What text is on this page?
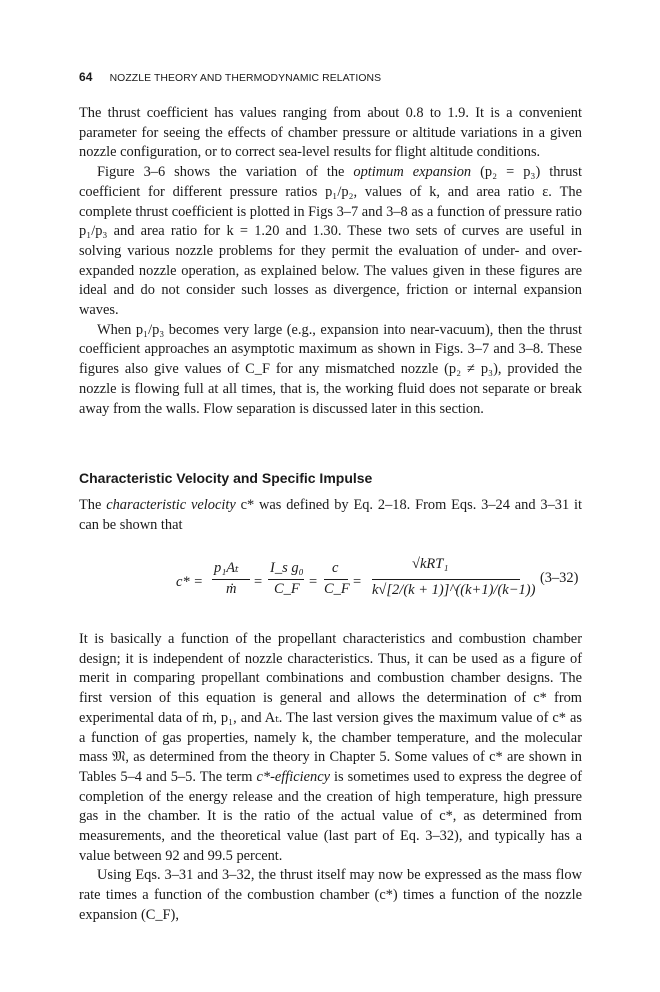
64 NOZZLE THEORY AND THERMODYNAMIC RELATIONS

The thrust coefficient has values ranging from about 0.8 to 1.9. It is a convenient parameter for seeing the effects of chamber pressure or altitude variations in a given nozzle configuration, or to correct sea-level results for flight altitude conditions.

Figure 3–6 shows the variation of the optimum expansion (p₂ = p₃) thrust coefficient for different pressure ratios p₁/p₂, values of k, and area ratio ε. The complete thrust coefficient is plotted in Figs 3–7 and 3–8 as a function of pressure ratio p₁/p₃ and area ratio for k = 1.20 and 1.30. These two sets of curves are useful in solving various nozzle problems for they permit the evaluation of under- and over-expanded nozzle operation, as explained below. The values given in these figures are ideal and do not consider such losses as divergence, friction or internal expansion waves.

When p₁/p₃ becomes very large (e.g., expansion into near-vacuum), then the thrust coefficient approaches an asymptotic maximum as shown in Figs. 3–7 and 3–8. These figures also give values of C_F for any mismatched nozzle (p₂ ≠ p₃), provided the nozzle is flowing full at all times, that is, the working fluid does not separate or break away from the walls. Flow separation is discussed later in this section.

Characteristic Velocity and Specific Impulse

The characteristic velocity c* was defined by Eq. 2–18. From Eqs. 3–24 and 3–31 it can be shown that

c* =
p₁Aₜ
ṁ =
I_s g₀
C_F =
c
C_F =
√kRT₁
k√[2/(k + 1)]^((k+1)/(k−1))
(3–32)

It is basically a function of the propellant characteristics and combustion chamber design; it is independent of nozzle characteristics. Thus, it can be used as a figure of merit in comparing propellant combinations and combustion chamber designs. The first version of this equation is general and allows the determination of c* from experimental data of ṁ, p₁, and Aₜ. The last version gives the maximum value of c* as a function of gas properties, namely k, the chamber temperature, and the molecular mass 𝔐, as determined from the theory in Chapter 5. Some values of c* are shown in Tables 5–4 and 5–5. The term c*-efficiency is sometimes used to express the degree of completion of the energy release and the creation of high temperature, high pressure gas in the chamber. It is the ratio of the actual value of c*, as determined from measurements, and the theoretical value (last part of Eq. 3–32), and typically has a value between 92 and 99.5 percent.

Using Eqs. 3–31 and 3–32, the thrust itself may now be expressed as the mass flow rate times a function of the combustion chamber (c*) times a function of the nozzle expansion (C_F),
